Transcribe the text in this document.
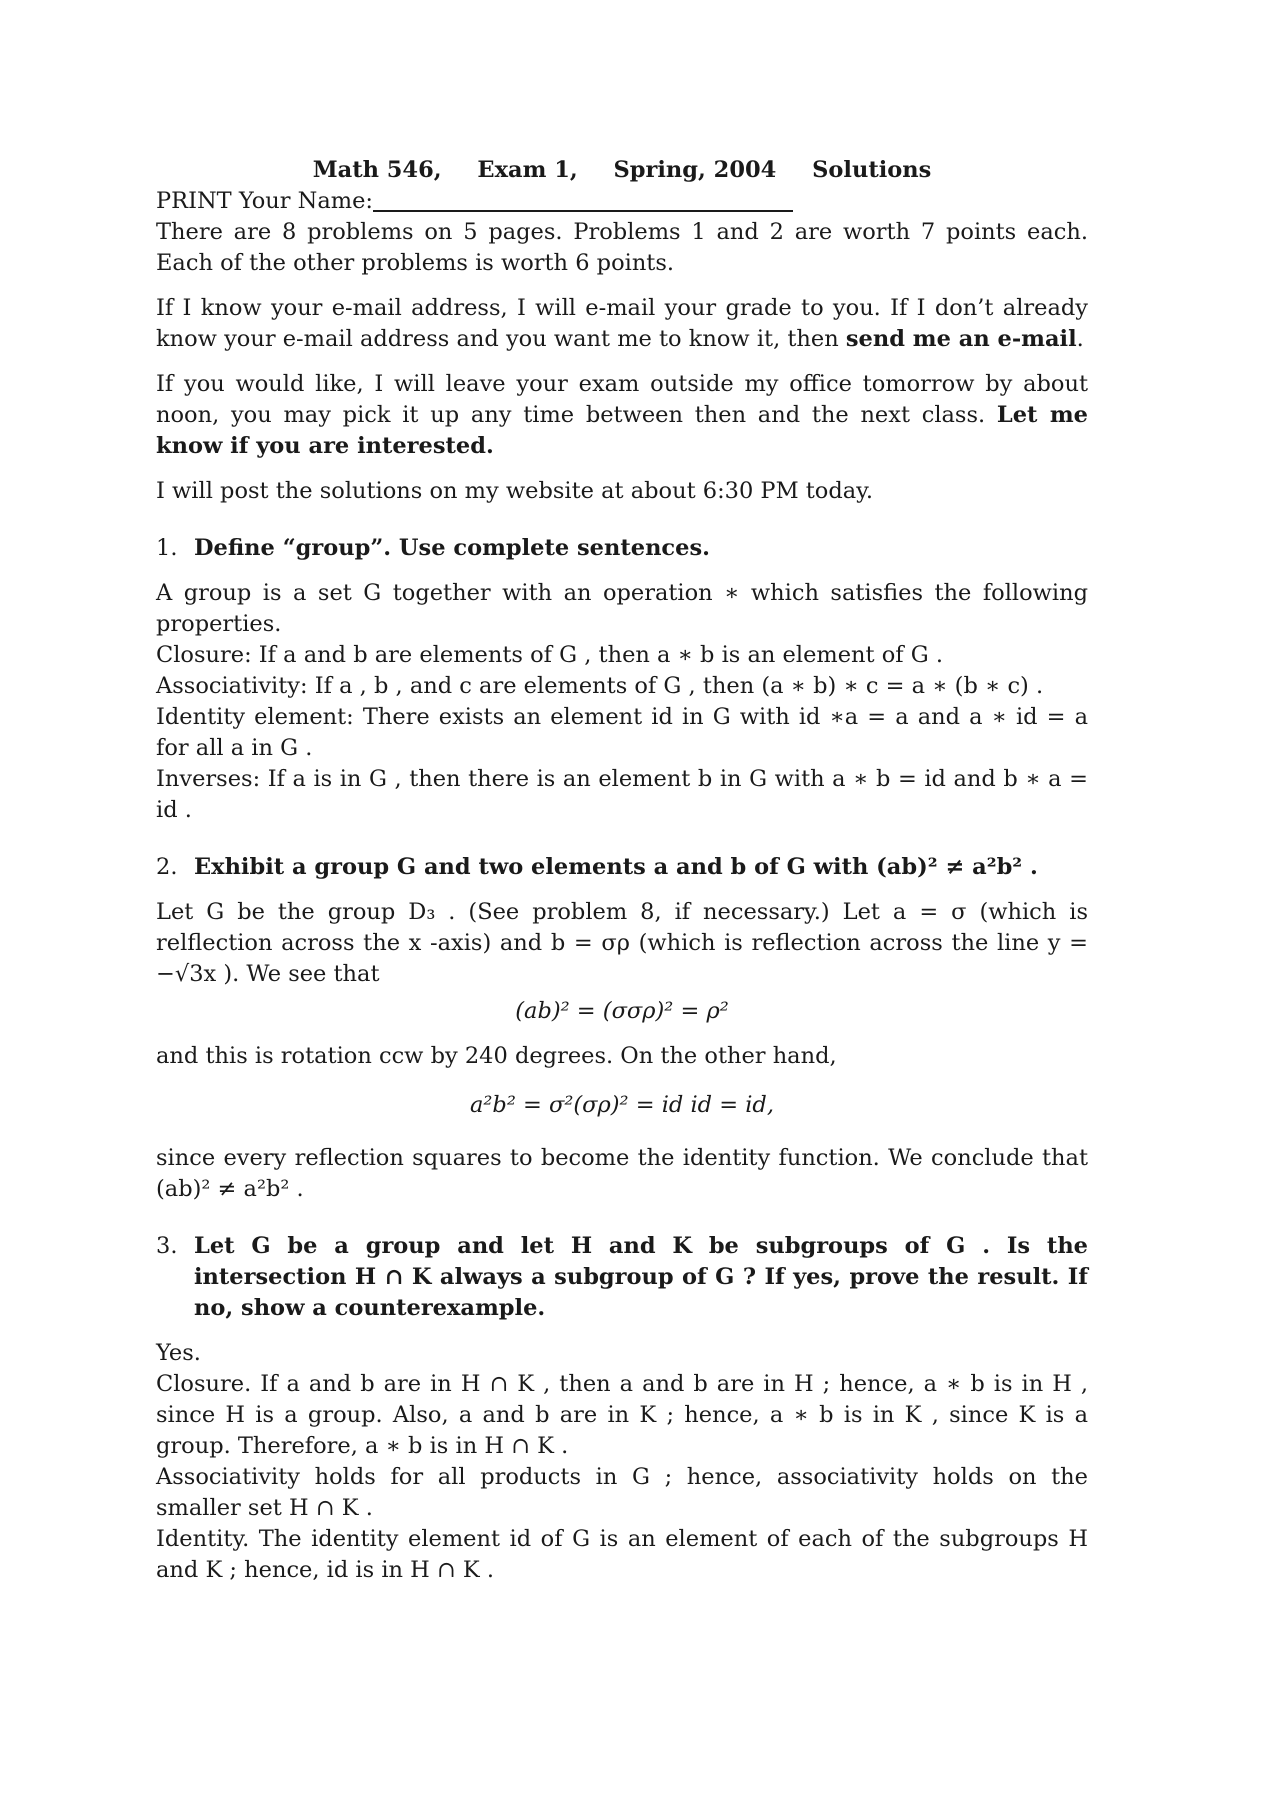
Math 546, Exam 1, Spring, 2004 Solutions
PRINT Your Name:

There are 8 problems on 5 pages. Problems 1 and 2 are worth 7 points each. Each of the other problems is worth 6 points.

If I know your e-mail address, I will e-mail your grade to you. If I don’t already know your e-mail address and you want me to know it, then send me an e-mail.

If you would like, I will leave your exam outside my office tomorrow by about noon, you may pick it up any time between then and the next class. Let me know if you are interested.

I will post the solutions on my website at about 6:30 PM today.

1. Define “group”. Use complete sentences.

A group is a set G together with an operation ∗ which satisfies the following properties.

Closure: If a and b are elements of G , then a ∗ b is an element of G .

Associativity: If a , b , and c are elements of G , then (a ∗ b) ∗ c = a ∗ (b ∗ c) .

Identity element: There exists an element id in G with id ∗a = a and a ∗ id = a for all a in G .

Inverses: If a is in G , then there is an element b in G with a ∗ b = id and b ∗ a = id .

2. Exhibit a group G and two elements a and b of G with (ab)² ≠ a²b² .

Let G be the group D₃ . (See problem 8, if necessary.) Let a = σ (which is relflection across the x -axis) and b = σρ (which is reflection across the line y = −√3x ). We see that

(ab)² = (σσρ)² = ρ²

and this is rotation ccw by 240 degrees. On the other hand,

a²b² = σ²(σρ)² = id id = id,

since every reflection squares to become the identity function. We conclude that (ab)² ≠ a²b² .

3. Let G be a group and let H and K be subgroups of G . Is the intersection H ∩ K always a subgroup of G ? If yes, prove the result. If no, show a counterexample.

Yes.

Closure. If a and b are in H ∩ K , then a and b are in H ; hence, a ∗ b is in H , since H is a group. Also, a and b are in K ; hence, a ∗ b is in K , since K is a group. Therefore, a ∗ b is in H ∩ K .

Associativity holds for all products in G ; hence, associativity holds on the smaller set H ∩ K .

Identity. The identity element id of G is an element of each of the subgroups H and K ; hence, id is in H ∩ K .
